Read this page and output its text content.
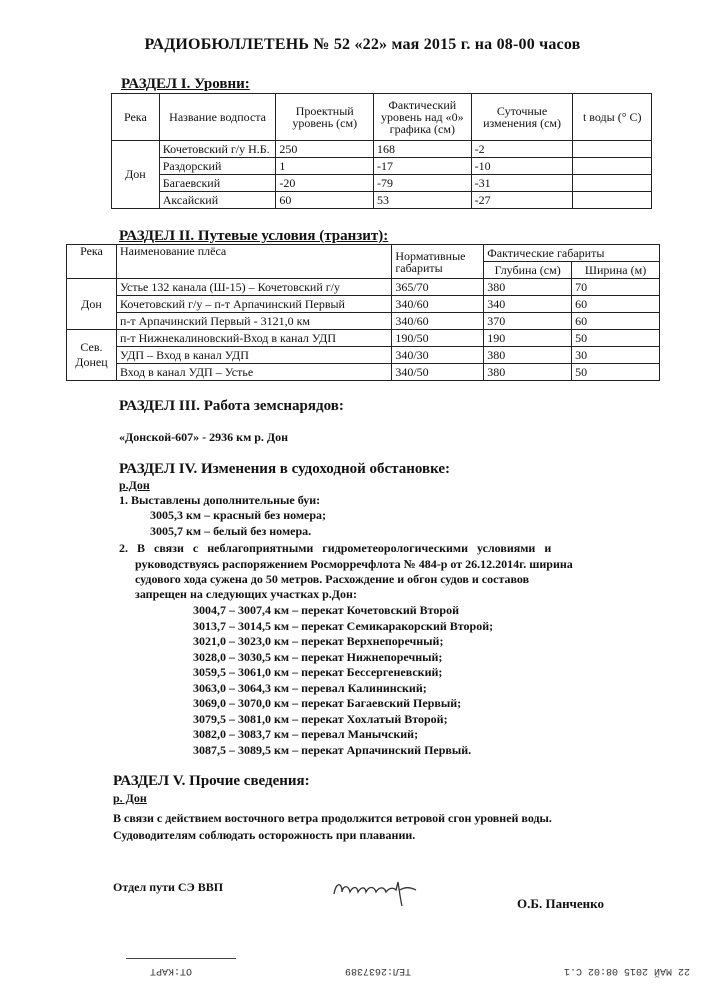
РАДИОБЮЛЛЕТЕНЬ № 52 «22» мая 2015 г. на 08-00 часов
РАЗДЕЛ I. Уровни:
Река	Название водпоста	Проектный уровень (см)	Фактический уровень над «0» графика (см)	Суточные изменения (см)	t воды (° С)
Дон	Кочетовский г/у Н.Б.	250	168	-2	
	Раздорский	1	-17	-10	
	Багаевский	-20	-79	-31	
	Аксайский	60	53	-27	
РАЗДЕЛ II. Путевые условия (транзит):
Река	Наименование плёса	Нормативные габариты	Фактические габариты	
			Глубина (см)	Ширина (м)
Дон	Устье 132 канала (Ш-15) – Кочетовский г/у	365/70	380	70
	Кочетовский г/у – п-т Арпачинский Первый	340/60	340	60
	п-т Арпачинский Первый - 3121,0 км	340/60	370	60
Сев. Донец	п-т Нижнекалиновский-Вход в канал УДП	190/50	190	50
	УДП – Вход в канал УДП	340/30	380	30
	Вход в канал УДП – Устье	340/50	380	50
РАЗДЕЛ III. Работа земснарядов:
«Донской-607» - 2936 км р. Дон
РАЗДЕЛ IV. Изменения в судоходной обстановке:
р.Дон
1. Выставлены дополнительные буи:
3005,3 км – красный без номера;
3005,7 км – белый без номера.
2.   В   связи   с   неблагоприятными   гидрометеорологическими   условиями   и
руководствуясь распоряжением Росморречфлота № 484-р от 26.12.2014г. ширина
судового хода сужена до 50 метров. Расхождение и обгон судов и составов
запрещен на следующих участках р.Дон:
3004,7 – 3007,4 км – перекат Кочетовский Второй
3013,7 – 3014,5 км – перекат Семикаракорский Второй;
3021,0 – 3023,0 км – перекат Верхнепоречный;
3028,0 – 3030,5 км – перекат Нижнепоречный;
3059,5 – 3061,0 км – перекат Бессергеневский;
3063,0 – 3064,3 км – перевал Калининский;
3069,0 – 3070,0 км – перекат Багаевский Первый;
3079,5 – 3081,0 км – перекат Хохлатый Второй;
3082,0 – 3083,7 км – перевал Манычский;
3087,5 – 3089,5 км – перекат Арпачинский Первый.
РАЗДЕЛ V. Прочие сведения:
р. Дон
В связи с действием восточного ветра продолжится ветровой сгон уровней воды.
Судоводителям соблюдать осторожность при плавании.
Отдел пути СЭ ВВП
О.Б. Панченко
22 МАЙ 2015 08:02 С.1
ТЕЛ:2637389
ОТ:КАРТ
